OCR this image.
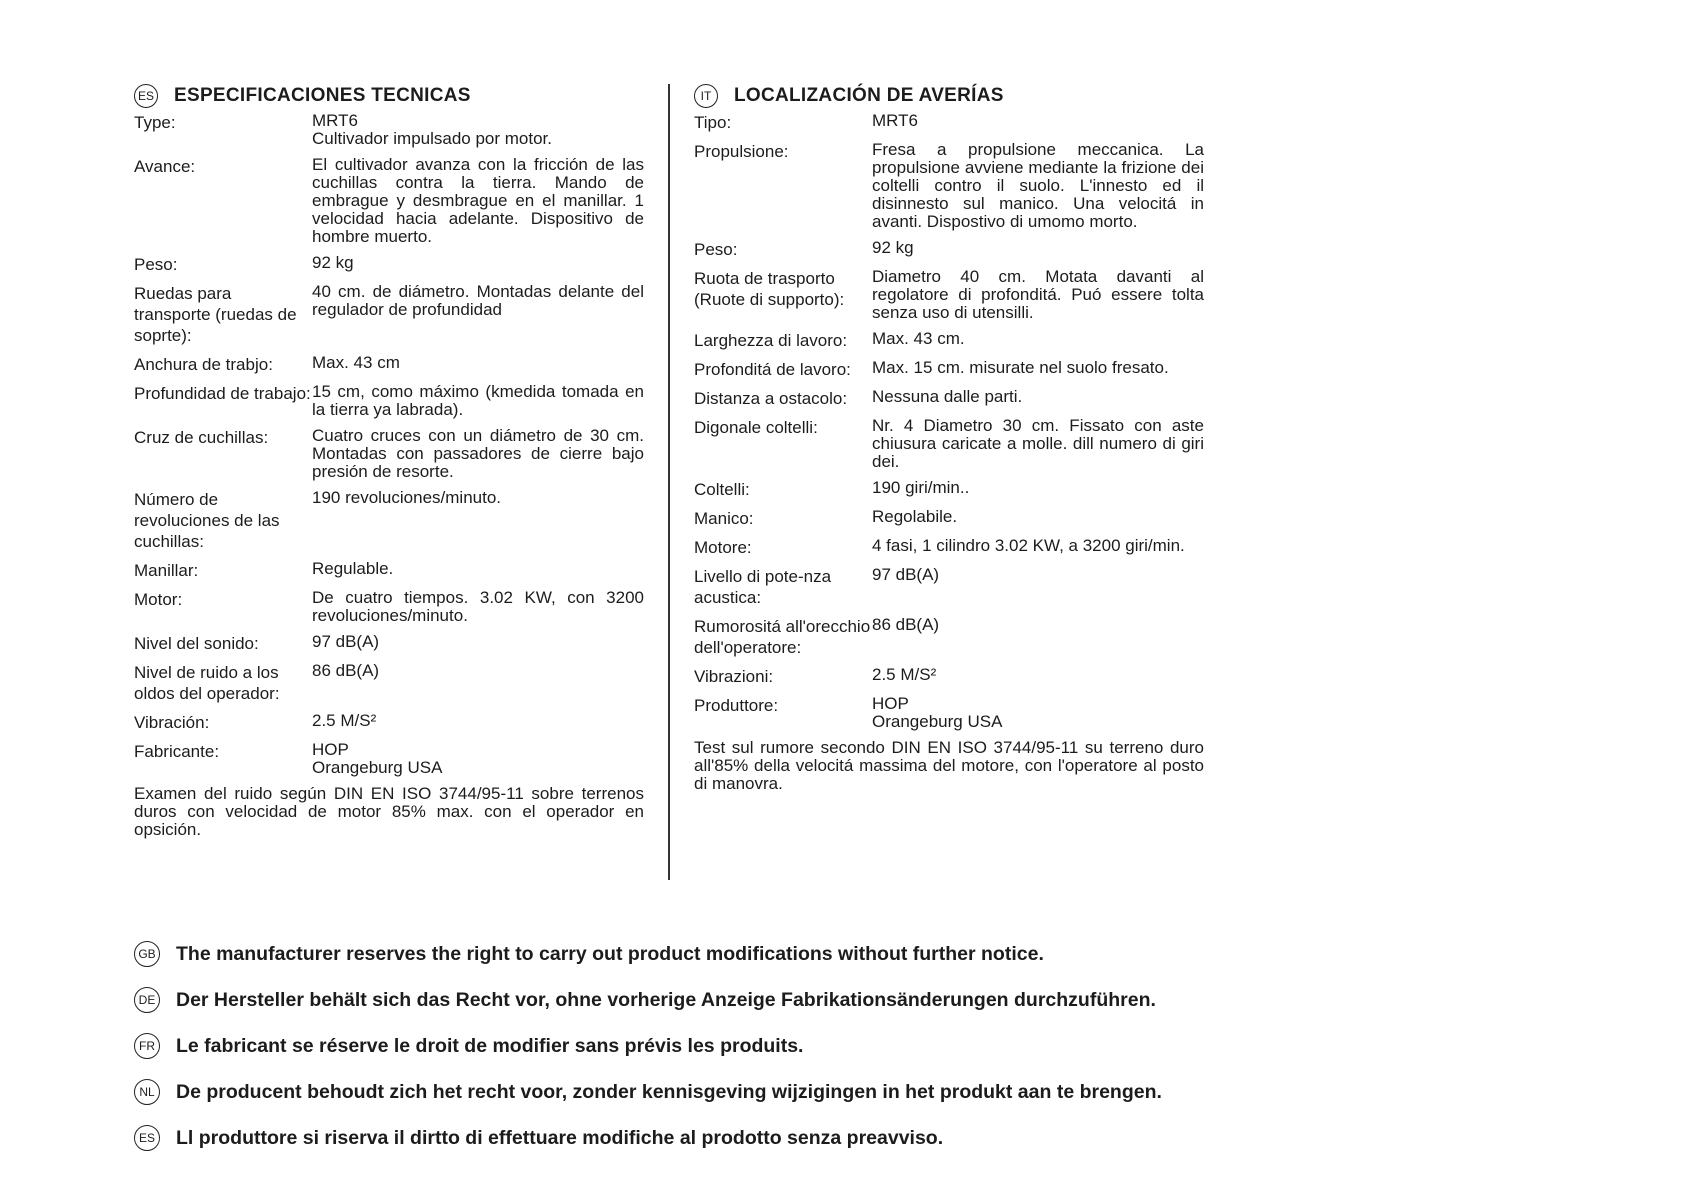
ES ESPECIFICACIONES TECNICAS
Type:	MRT6
Cultivador impulsado por motor.
Avance:	El cultivador avanza con la fricción de las cuchillas contra la tierra. Mando de embrague y desmbrague en el manillar. 1 velocidad hacia adelante. Dispositivo de hombre muerto.
Peso:	92 kg
Ruedas para transporte (ruedas de soprte):
40 cm. de diámetro. Montadas delante del regulador de profundidad
Anchura de trabjo:	Max. 43 cm
Profundidad de trabajo: 15 cm, como máximo (kmedida tomada en la tierra ya labrada).
Cruz de cuchillas:	Cuatro cruces con un diámetro de 30 cm. Montadas con passadores de cierre bajo presión de resorte.
Número de revoluciones de las cuchillas:
190 revoluciones/minuto.
Manillar:	Regulable.
Motor:	De cuatro tiempos. 3.02 KW, con 3200 revoluciones/minuto.
Nivel del sonido:	97 dB(A)
Nivel de ruido a los oldos del operador:
86 dB(A)
Vibración:	2.5 M/S²
Fabricante:	HOP
Orangeburg USA
Examen del ruido según DIN EN ISO 3744/95-11 sobre terrenos duros con velocidad de motor 85% max. con el operador en opsición.
IT	LOCALIZACIÓN DE AVERÍAS
Tipo:	MRT6
Propulsione:	Fresa a propulsione meccanica. La propulsione avviene mediante la frizione dei coltelli contro il suolo. L'innesto ed il disinnesto sul manico. Una velocitá in avanti. Dispostivo di umomo morto.
Peso:	92 kg
Ruota de trasporto (Ruote di supporto):
Diametro 40 cm. Motata davanti al regolatore di profonditá. Puó essere tolta senza uso di utensilli.
Larghezza di lavoro:	Max. 43 cm.
Profonditá de lavoro:	Max. 15 cm. misurate nel suolo fresato.
Distanza a ostacolo:	Nessuna dalle parti.
Digonale coltelli:	Nr. 4 Diametro 30 cm. Fissato con aste chiusura caricate a molle. dill numero di giri dei.
Coltelli:	190 giri/min..
Manico:	Regolabile.
Motore:	4 fasi, 1 cilindro 3.02 KW, a 3200 giri/min.
Livello di pote-nza acustica:
97 dB(A)
Rumorositá all'orecchio dell'operatore:
86 dB(A)
Vibrazioni:	2.5 M/S²
Produttore:	HOP
Orangeburg USA
Test sul rumore secondo DIN EN ISO 3744/95-11 su terreno duro all'85% della velocitá massima del motore, con l'operatore al posto di manovra.
GB The manufacturer reserves the right to carry out product modifications without further notice.
DE Der Hersteller behält sich das Recht vor, ohne vorherige Anzeige Fabrikationsänderungen durchzuführen.
FR Le fabricant se réserve le droit de modifier sans prévis les produits.
NL De producent behoudt zich het recht voor, zonder kennisgeving wijzigingen in het produkt aan te brengen.
ES Ll produttore si riserva il dirtto di effettuare modifiche al prodotto senza preavviso.
